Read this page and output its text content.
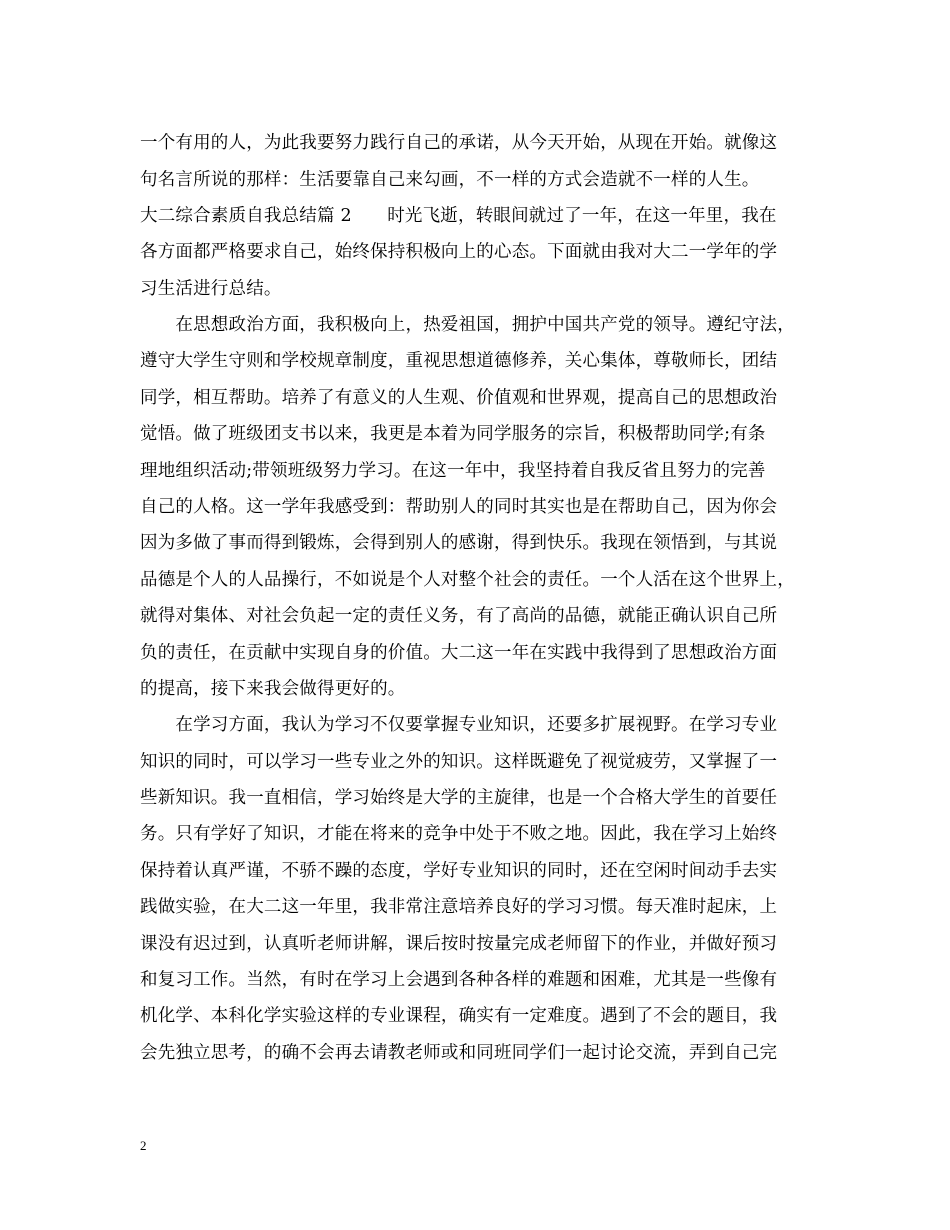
一个有用的人，为此我要努力践行自己的承诺，从今天开始，从现在开始。就像这
句名言所说的那样：生活要靠自己来勾画，不一样的方式会造就不一样的人生。
大二综合素质自我总结篇 2　　时光飞逝，转眼间就过了一年，在这一年里，我在
各方面都严格要求自己，始终保持积极向上的心态。下面就由我对大二一学年的学
习生活进行总结。
　　在思想政治方面，我积极向上，热爱祖国，拥护中国共产党的领导。遵纪守法，
遵守大学生守则和学校规章制度，重视思想道德修养，关心集体，尊敬师长，团结
同学，相互帮助。培养了有意义的人生观、价值观和世界观，提高自己的思想政治
觉悟。做了班级团支书以来，我更是本着为同学服务的宗旨，积极帮助同学;有条
理地组织活动;带领班级努力学习。在这一年中，我坚持着自我反省且努力的完善
自己的人格。这一学年我感受到：帮助别人的同时其实也是在帮助自己，因为你会
因为多做了事而得到锻炼，会得到别人的感谢，得到快乐。我现在领悟到，与其说
品德是个人的人品操行，不如说是个人对整个社会的责任。一个人活在这个世界上，
就得对集体、对社会负起一定的责任义务，有了高尚的品德，就能正确认识自己所
负的责任，在贡献中实现自身的价值。大二这一年在实践中我得到了思想政治方面
的提高，接下来我会做得更好的。
　　在学习方面，我认为学习不仅要掌握专业知识，还要多扩展视野。在学习专业
知识的同时，可以学习一些专业之外的知识。这样既避免了视觉疲劳，又掌握了一
些新知识。我一直相信，学习始终是大学的主旋律，也是一个合格大学生的首要任
务。只有学好了知识，才能在将来的竞争中处于不败之地。因此，我在学习上始终
保持着认真严谨，不骄不躁的态度，学好专业知识的同时，还在空闲时间动手去实
践做实验，在大二这一年里，我非常注意培养良好的学习习惯。每天准时起床，上
课没有迟过到，认真听老师讲解，课后按时按量完成老师留下的作业，并做好预习
和复习工作。当然，有时在学习上会遇到各种各样的难题和困难，尤其是一些像有
机化学、本科化学实验这样的专业课程，确实有一定难度。遇到了不会的题目，我
会先独立思考，的确不会再去请教老师或和同班同学们一起讨论交流，弄到自己完
2
